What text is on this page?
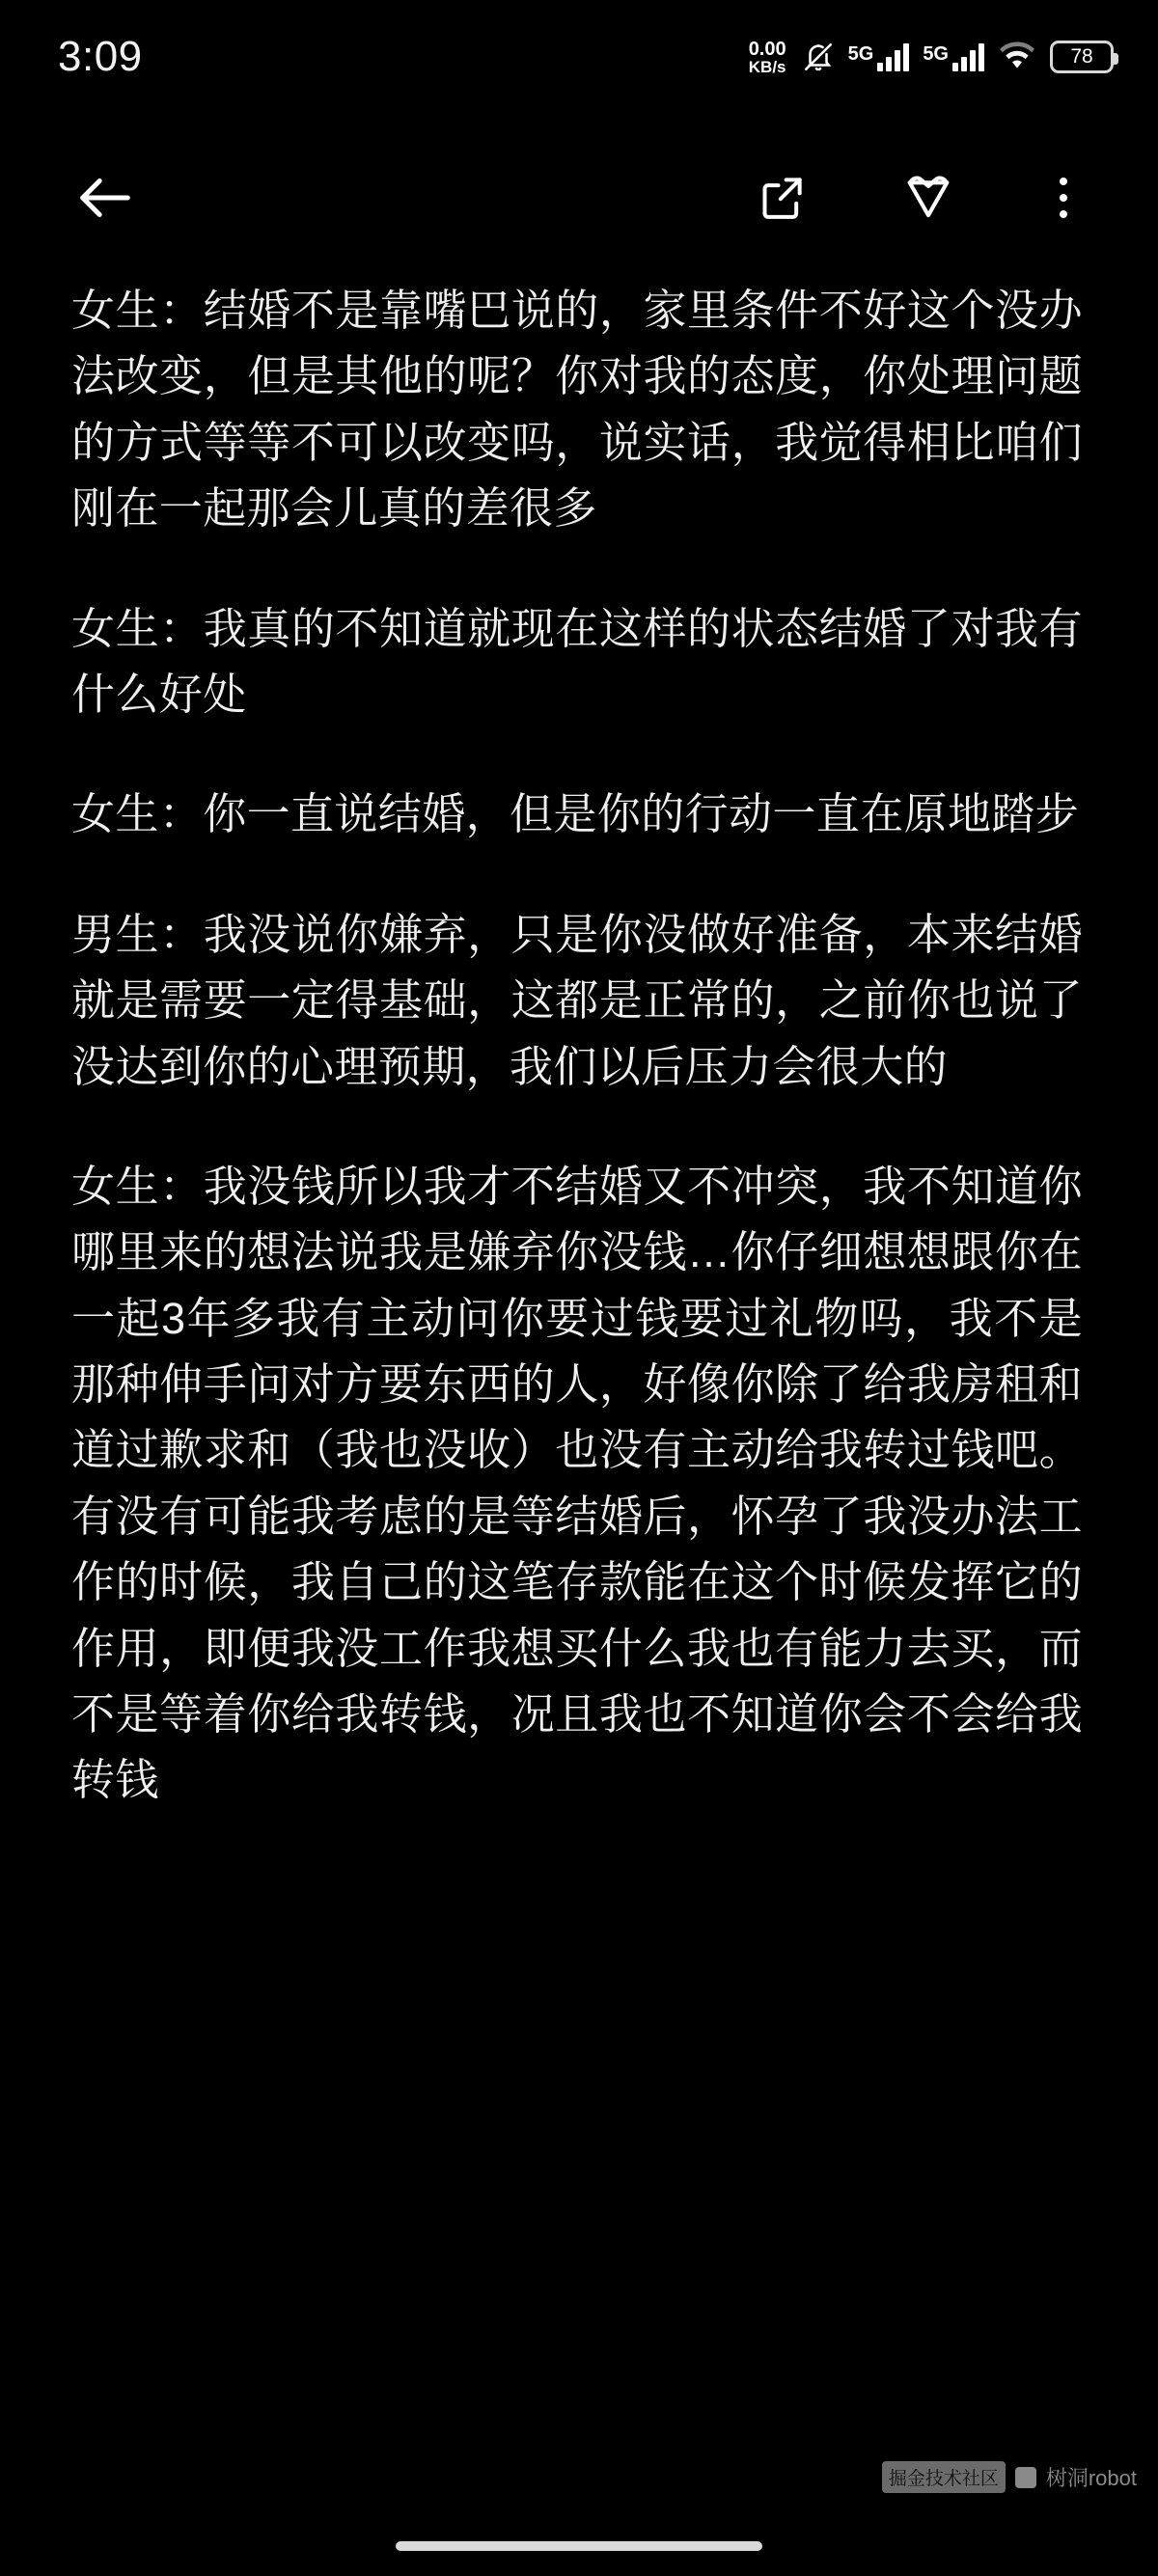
3:09	0.00
KB/s
5G	5G	78

女生：结婚不是靠嘴巴说的，家里条件不好这个没办法改变，但是其他的呢？你对我的态度，你处理问题的方式等等不可以改变吗，说实话，我觉得相比咱们刚在一起那会儿真的差很多

女生：我真的不知道就现在这样的状态结婚了对我有什么好处

女生：你一直说结婚，但是你的行动一直在原地踏步

男生：我没说你嫌弃，只是你没做好准备，本来结婚就是需要一定得基础，这都是正常的，之前你也说了没达到你的心理预期，我们以后压力会很大的

女生：我没钱所以我才不结婚又不冲突，我不知道你哪里来的想法说我是嫌弃你没钱…你仔细想想跟你在一起3年多我有主动问你要过钱要过礼物吗，我不是那种伸手问对方要东西的人，好像你除了给我房租和道过歉求和（我也没收）也没有主动给我转过钱吧。有没有可能我考虑的是等结婚后，怀孕了我没办法工作的时候，我自己的这笔存款能在这个时候发挥它的作用，即便我没工作我想买什么我也有能力去买，而不是等着你给我转钱，况且我也不知道你会不会给我转钱

掘金技术社区	树洞robot
